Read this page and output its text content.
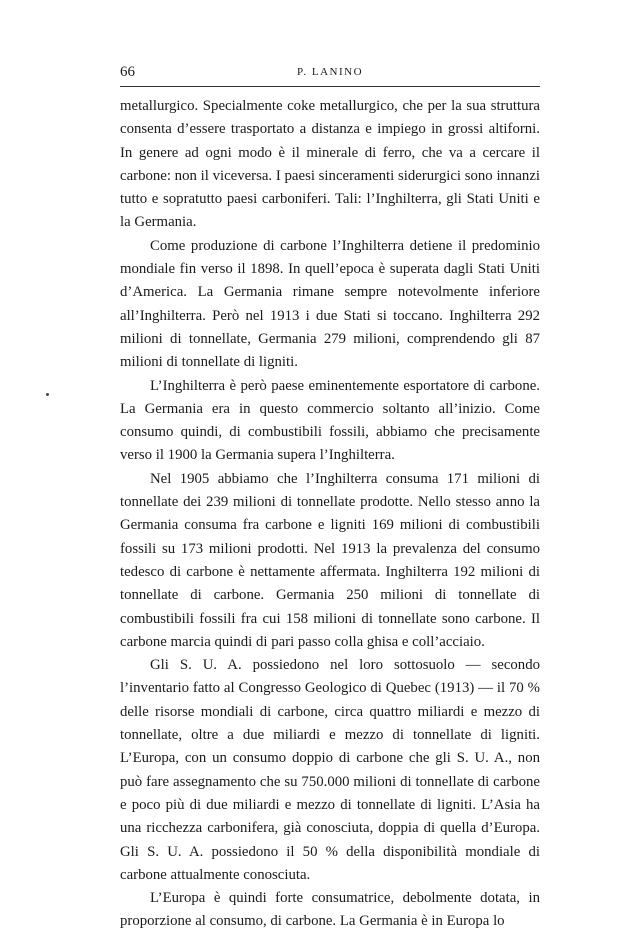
66	P. LANINO

metallurgico. Specialmente coke metallurgico, che per la sua struttura consenta d’essere trasportato a distanza e impiego in grossi altiforni. In genere ad ogni modo è il minerale di ferro, che va a cercare il carbone: non il viceversa. I paesi sinceramenti siderurgici sono innanzi tutto e sopratutto paesi carboniferi. Tali: l’Inghilterra, gli Stati Uniti e la Germania.

Come produzione di carbone l’Inghilterra detiene il predominio mondiale fin verso il 1898. In quell’epoca è superata dagli Stati Uniti d’America. La Germania rimane sempre notevolmente inferiore all’Inghilterra. Però nel 1913 i due Stati si toccano. Inghilterra 292 milioni di tonnellate, Germania 279 milioni, comprendendo gli 87 milioni di tonnellate di ligniti.

L’Inghilterra è però paese eminentemente esportatore di carbone. La Germania era in questo commercio soltanto all’inizio. Come consumo quindi, di combustibili fossili, abbiamo che precisamente verso il 1900 la Germania supera l’Inghilterra.

Nel 1905 abbiamo che l’Inghilterra consuma 171 milioni di tonnellate dei 239 milioni di tonnellate prodotte. Nello stesso anno la Germania consuma fra carbone e ligniti 169 milioni di combustibili fossili su 173 milioni prodotti. Nel 1913 la prevalenza del consumo tedesco di carbone è nettamente affermata. Inghilterra 192 milioni di tonnellate di carbone. Germania 250 milioni di tonnellate di combustibili fossili fra cui 158 milioni di tonnellate sono carbone. Il carbone marcia quindi di pari passo colla ghisa e coll’acciaio.

Gli S. U. A. possiedono nel loro sottosuolo — secondo l’inventario fatto al Congresso Geologico di Quebec (1913) — il 70 % delle risorse mondiali di carbone, circa quattro miliardi e mezzo di tonnellate, oltre a due miliardi e mezzo di tonnellate di ligniti. L’Europa, con un consumo doppio di carbone che gli S. U. A., non può fare assegnamento che su 750.000 milioni di tonnellate di carbone e poco più di due miliardi e mezzo di tonnellate di ligniti. L’Asia ha una ricchezza carbonifera, già conosciuta, doppia di quella d’Europa. Gli S. U. A. possiedono il 50 % della disponibilità mondiale di carbone attualmente conosciuta.

L’Europa è quindi forte consumatrice, debolmente dotata, in proporzione al consumo, di carbone. La Germania è in Europa lo
